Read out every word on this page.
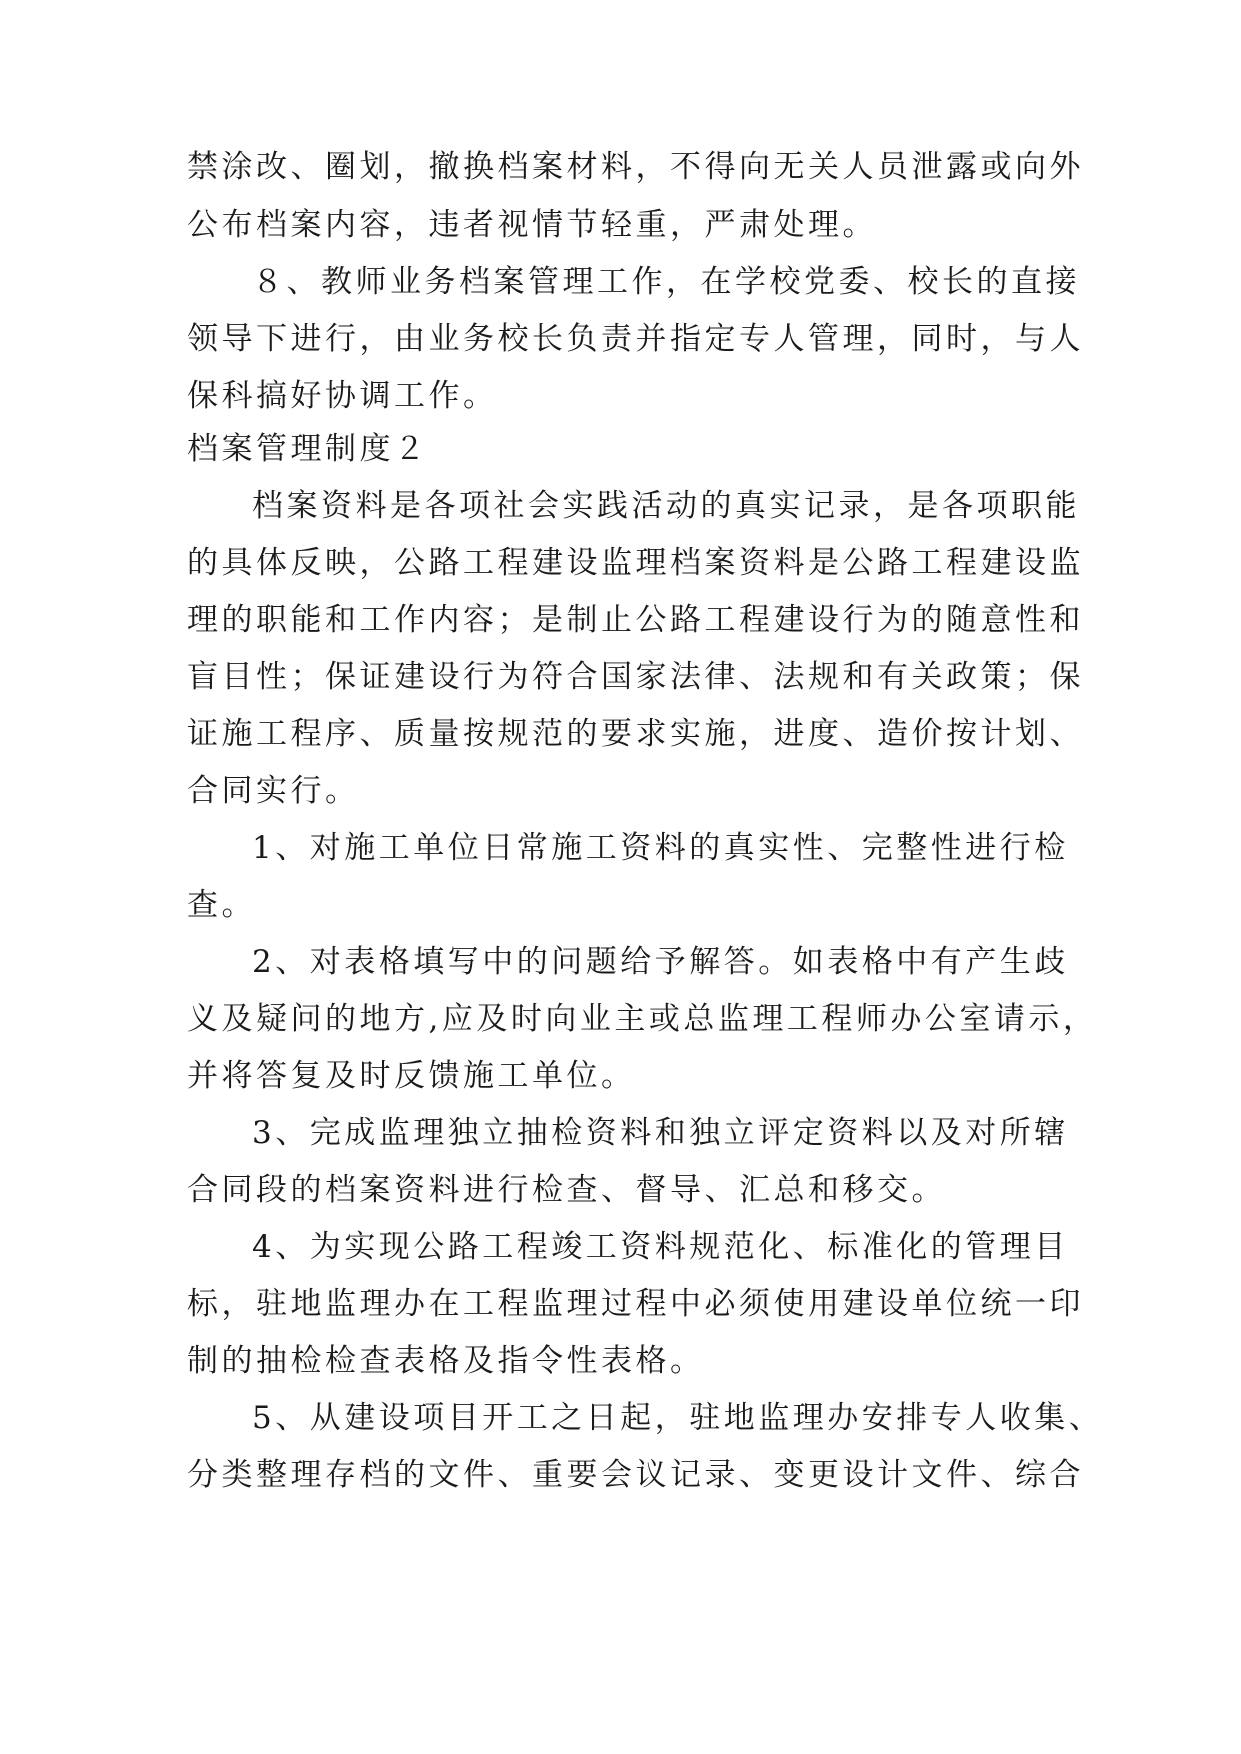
禁涂改、圈划，撤换档案材料，不得向无关人员泄露或向外
公布档案内容，违者视情节轻重，严肃处理。
８、教师业务档案管理工作，在学校党委、校长的直接
领导下进行，由业务校长负责并指定专人管理，同时，与人
保科搞好协调工作。
档案管理制度２
档案资料是各项社会实践活动的真实记录，是各项职能
的具体反映，公路工程建设监理档案资料是公路工程建设监
理的职能和工作内容；是制止公路工程建设行为的随意性和
盲目性；保证建设行为符合国家法律、法规和有关政策；保
证施工程序、质量按规范的要求实施，进度、造价按计划、
合同实行。
1、对施工单位日常施工资料的真实性、完整性进行检
查。
2、对表格填写中的问题给予解答。如表格中有产生歧
义及疑问的地方,应及时向业主或总监理工程师办公室请示，
并将答复及时反馈施工单位。
3、完成监理独立抽检资料和独立评定资料以及对所辖
合同段的档案资料进行检查、督导、汇总和移交。
4、为实现公路工程竣工资料规范化、标准化的管理目
标，驻地监理办在工程监理过程中必须使用建设单位统一印
制的抽检检查表格及指令性表格。
5、从建设项目开工之日起，驻地监理办安排专人收集、
分类整理存档的文件、重要会议记录、变更设计文件、综合
